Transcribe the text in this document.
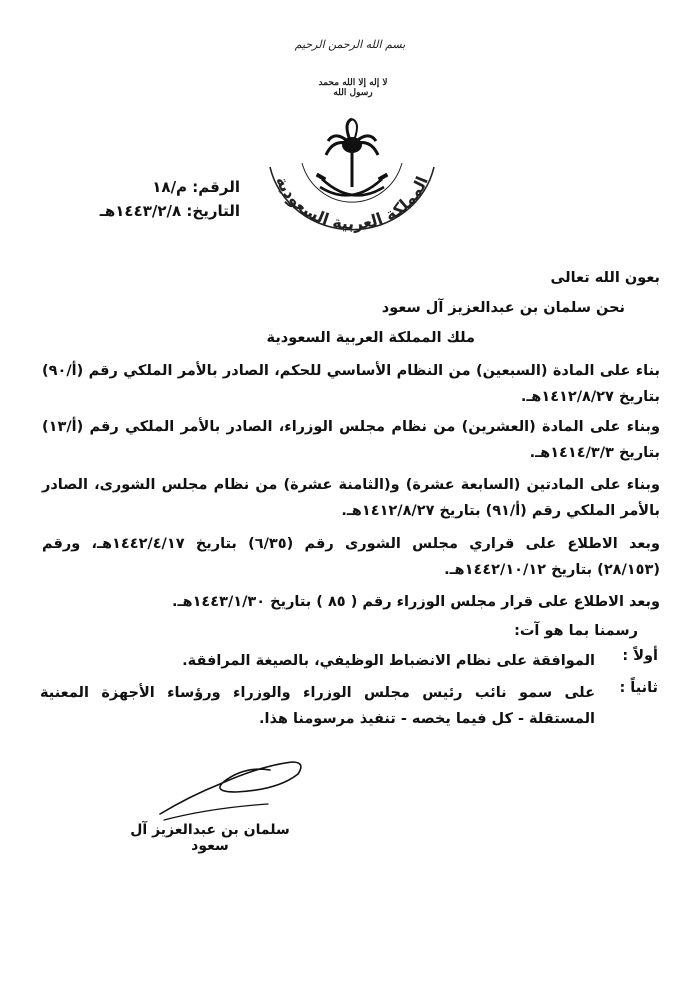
بسم الله الرحمن الرحيم
لا إله إلا الله محمد رسول الله
المملكة العربية السعودية
الرقم: م/١٨
التاريخ: ١٤٤٣/٢/٨هـ
بعون الله تعالى
نحن سلمان بن عبدالعزيز آل سعود
ملك المملكة العربية السعودية
بناء على المادة (السبعين) من النظام الأساسي للحكم، الصادر بالأمر الملكي رقم (أ/٩٠) بتاريخ ١٤١٢/٨/٢٧هـ.
وبناء على المادة (العشرين) من نظام مجلس الوزراء، الصادر بالأمر الملكي رقم (أ/١٣) بتاريخ ١٤١٤/٣/٣هـ.
وبناء على المادتين (السابعة عشرة) و(الثامنة عشرة) من نظام مجلس الشورى، الصادر بالأمر الملكي رقم (أ/٩١) بتاريخ ١٤١٢/٨/٢٧هـ.
وبعد الاطلاع على قراري مجلس الشورى رقم (٦/٣٥) بتاريخ ١٤٤٢/٤/١٧هـ، ورقم (٢٨/١٥٣) بتاريخ ١٤٤٢/١٠/١٢هـ.
وبعد الاطلاع على قرار مجلس الوزراء رقم ( ٨٥ ) بتاريخ ١٤٤٣/١/٣٠هـ.
رسمنا بما هو آت:
أولاً :
الموافقة على نظام الانضباط الوظيفي، بالصيغة المرافقة.
ثانياً :
على سمو نائب رئيس مجلس الوزراء والوزراء ورؤساء الأجهزة المعنية المستقلة - كل فيما يخصه - تنفيذ مرسومنا هذا.
سلمان بن عبدالعزيز آل سعود
